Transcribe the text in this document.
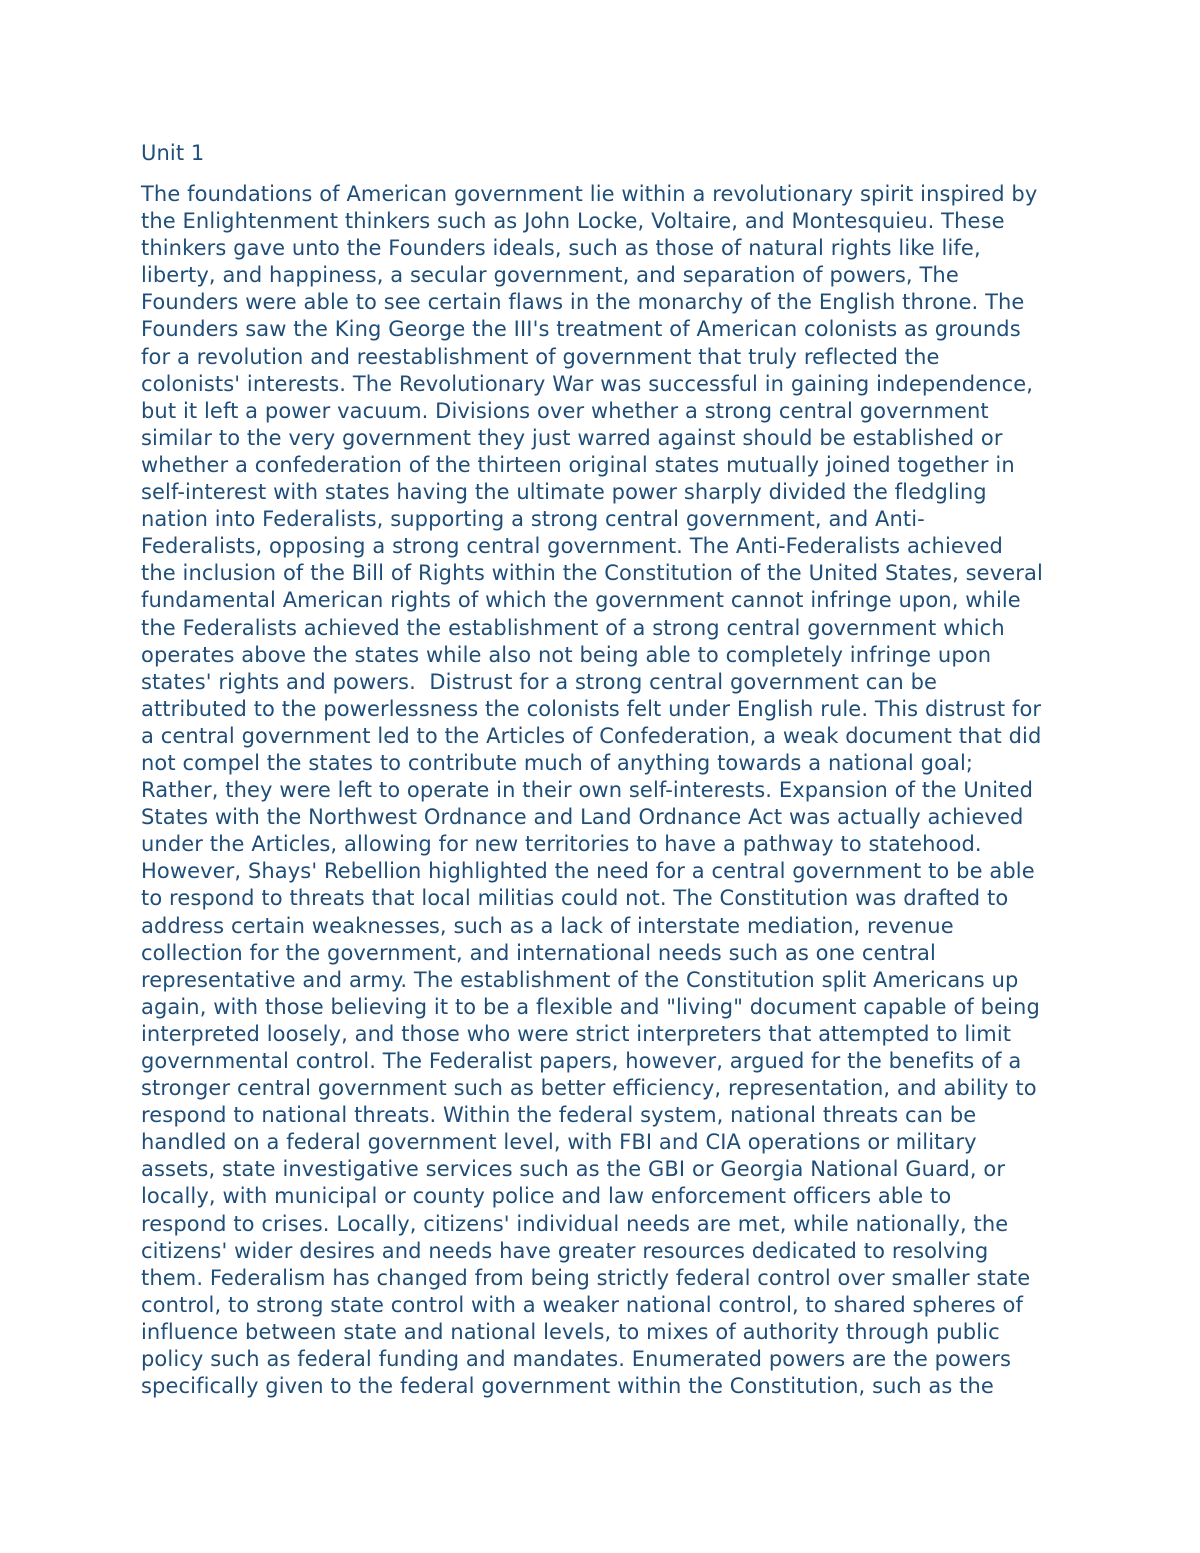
Unit 1
The foundations of American government lie within a revolutionary spirit inspired by
the Enlightenment thinkers such as John Locke, Voltaire, and Montesquieu. These
thinkers gave unto the Founders ideals, such as those of natural rights like life,
liberty, and happiness, a secular government, and separation of powers, The
Founders were able to see certain flaws in the monarchy of the English throne. The
Founders saw the King George the III's treatment of American colonists as grounds
for a revolution and reestablishment of government that truly reflected the
colonists' interests. The Revolutionary War was successful in gaining independence,
but it left a power vacuum. Divisions over whether a strong central government
similar to the very government they just warred against should be established or
whether a confederation of the thirteen original states mutually joined together in
self-interest with states having the ultimate power sharply divided the fledgling
nation into Federalists, supporting a strong central government, and Anti-
Federalists, opposing a strong central government. The Anti-Federalists achieved
the inclusion of the Bill of Rights within the Constitution of the United States, several
fundamental American rights of which the government cannot infringe upon, while
the Federalists achieved the establishment of a strong central government which
operates above the states while also not being able to completely infringe upon
states' rights and powers.  Distrust for a strong central government can be
attributed to the powerlessness the colonists felt under English rule. This distrust for
a central government led to the Articles of Confederation, a weak document that did
not compel the states to contribute much of anything towards a national goal;
Rather, they were left to operate in their own self-interests. Expansion of the United
States with the Northwest Ordnance and Land Ordnance Act was actually achieved
under the Articles, allowing for new territories to have a pathway to statehood.
However, Shays' Rebellion highlighted the need for a central government to be able
to respond to threats that local militias could not. The Constitution was drafted to
address certain weaknesses, such as a lack of interstate mediation, revenue
collection for the government, and international needs such as one central
representative and army. The establishment of the Constitution split Americans up
again, with those believing it to be a flexible and "living" document capable of being
interpreted loosely, and those who were strict interpreters that attempted to limit
governmental control. The Federalist papers, however, argued for the benefits of a
stronger central government such as better efficiency, representation, and ability to
respond to national threats. Within the federal system, national threats can be
handled on a federal government level, with FBI and CIA operations or military
assets, state investigative services such as the GBI or Georgia National Guard, or
locally, with municipal or county police and law enforcement officers able to
respond to crises. Locally, citizens' individual needs are met, while nationally, the
citizens' wider desires and needs have greater resources dedicated to resolving
them. Federalism has changed from being strictly federal control over smaller state
control, to strong state control with a weaker national control, to shared spheres of
influence between state and national levels, to mixes of authority through public
policy such as federal funding and mandates. Enumerated powers are the powers
specifically given to the federal government within the Constitution, such as the
